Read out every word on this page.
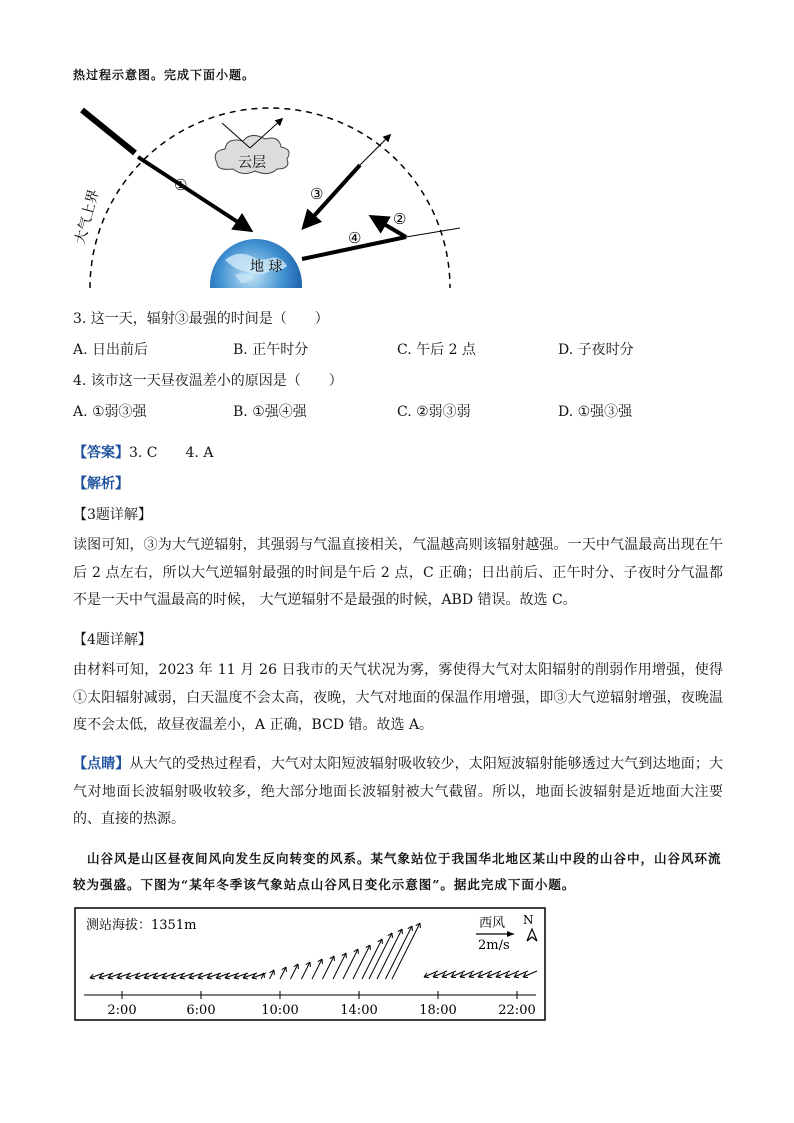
热过程示意图。完成下面小题。
大气上界
地 球
云层
①	③
②
④
3. 这一天，辐射③最强的时间是（　　）
A. 日出前后	B. 正午时分	C. 午后 2 点	D. 子夜时分
4. 该市这一天昼夜温差小的原因是（　　）
A. ①弱③强	B. ①强④强	C. ②弱③弱	D. ①强③强
【答案】3. C　　4. A
【解析】
【3题详解】
读图可知，③为大气逆辐射，其强弱与气温直接相关，气温越高则该辐射越强。一天中气温最高出现在午后 2 点左右，所以大气逆辐射最强的时间是午后 2 点，C 正确；日出前后、正午时分、子夜时分气温都不是一天中气温最高的时候， 大气逆辐射不是最强的时候，ABD 错误。故选 C。
【4题详解】
由材料可知，2023 年 11 月 26 日我市的天气状况为雾，雾使得大气对太阳辐射的削弱作用增强，使得①太阳辐射减弱，白天温度不会太高，夜晚，大气对地面的保温作用增强，即③大气逆辐射增强，夜晚温度不会太低，故昼夜温差小，A 正确，BCD 错。故选 A。
【点睛】从大气的受热过程看，大气对太阳短波辐射吸收较少，太阳短波辐射能够透过大气到达地面；大气对地面长波辐射吸收较多，绝大部分地面长波辐射被大气截留。所以，地面长波辐射是近地面大注要的、直接的热源。
山谷风是山区昼夜间风向发生反向转变的风系。某气象站位于我国华北地区某山中段的山谷中，山谷风环流较为强盛。下图为“某年冬季该气象站点山谷风日变化示意图”。据此完成下面小题。
测站海拔：1351m	西风
2m/s
N
2:00	6:00	10:00	14:00	18:00	22:00
